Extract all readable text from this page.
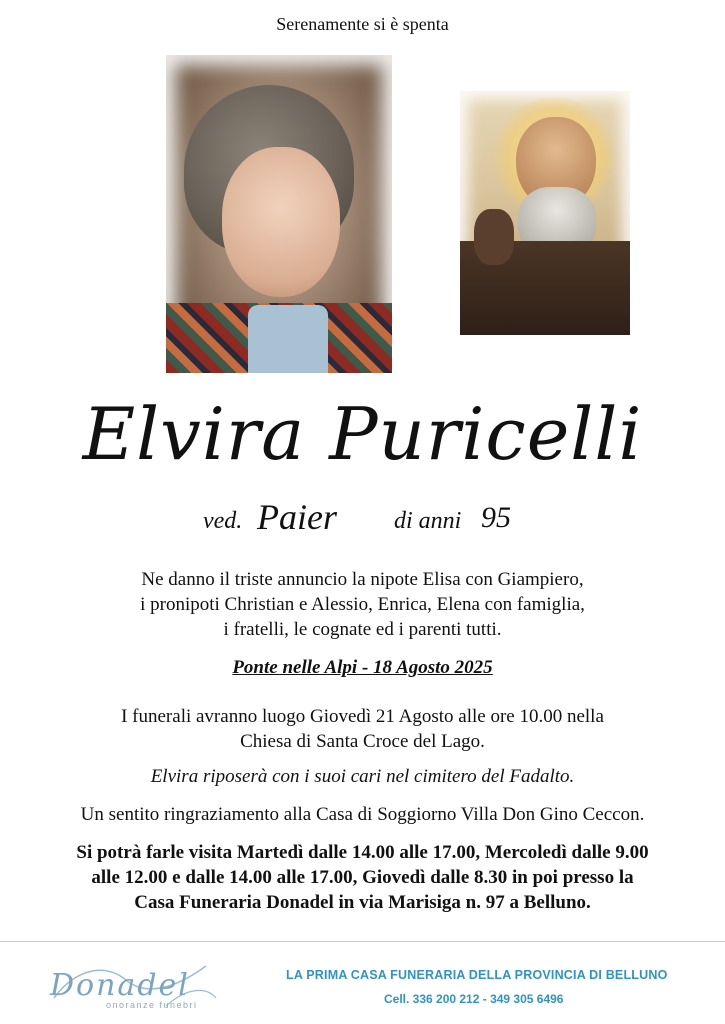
Serenamente si è spenta
Elvira Puricelli
ved. Paier di anni 95
Ne danno il triste annuncio la nipote Elisa con Giampiero,
i pronipoti Christian e Alessio, Enrica, Elena con famiglia,
i fratelli, le cognate ed i parenti tutti.
Ponte nelle Alpi - 18 Agosto 2025
I funerali avranno luogo Giovedì 21 Agosto alle ore 10.00 nella
Chiesa di Santa Croce del Lago.
Elvira riposerà con i suoi cari nel cimitero del Fadalto.
Un sentito ringraziamento alla Casa di Soggiorno Villa Don Gino Ceccon.
Si potrà farle visita Martedì dalle 14.00 alle 17.00, Mercoledì dalle 9.00
alle 12.00 e dalle 14.00 alle 17.00, Giovedì dalle 8.30 in poi presso la
Casa Funeraria Donadel in via Marisiga n. 97 a Belluno.
Donadel
onoranze funebri
LA PRIMA CASA FUNERARIA DELLA PROVINCIA DI BELLUNO
Cell. 336 200 212 - 349 305 6496
